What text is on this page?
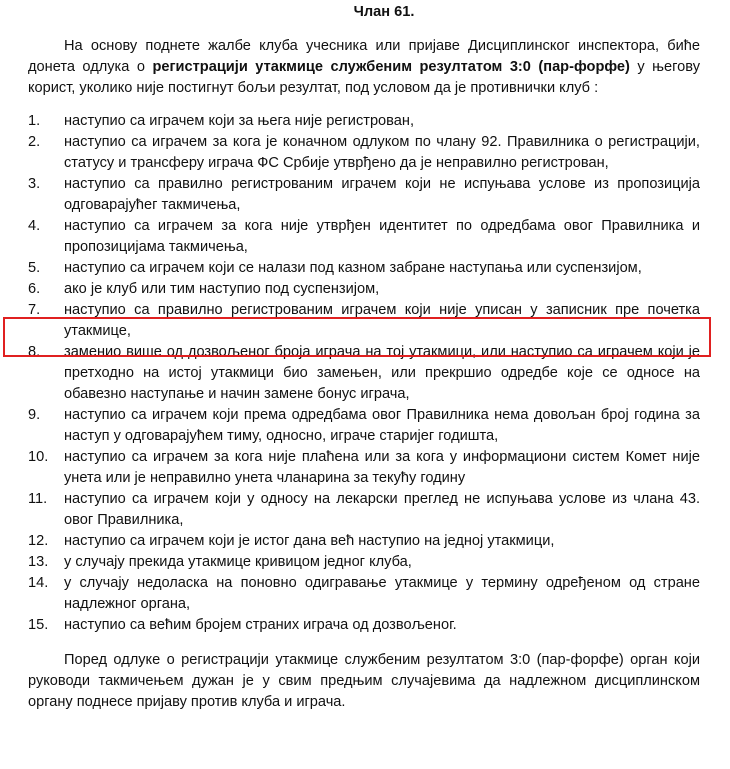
Члан 61.

На основу поднете жалбе клуба учесника или пријаве Дисциплинског инспектора, биће донета одлука о регистрацији утакмице службеним резултатом 3:0 (пар-форфе) у његову корист, уколико није постигнут бољи резултат, под условом да је противнички клуб :

1.	наступио са играчем који за њега није регистрован,
2.	наступио са играчем за кога је коначном одлуком по члану 92. Правилника о регистрацији, статусу и трансферу играча ФС Србије утврђено да је неправилно регистрован,
3.	наступио са правилно регистрованим играчем који не испуњава услове из пропозиција одговарајућег такмичења,
4.	наступио са играчем за кога није утврђен идентитет по одредбама овог Правилника и пропозицијама такмичења,
5.	наступио са играчем који се налази под казном забране наступања или суспензијом,
6.	ако је клуб или тим наступио под суспензијом,
7.	наступио са правилно регистрованим играчем који није уписан у записник пре почетка утакмице,
8.	заменио више од дозвољеног броја играча на тој утакмици, или наступио са играчем који је претходно на истој утакмици био замењен, или прекршио одредбе које се односе на обавезно наступање и начин замене бонус играча,
9.	наступио са играчем који према одредбама овог Правилника нема довољан број година за наступ у одговарајућем тиму, односно, играче старијег годишта,
10.	наступио са играчем за кога није плаћена или за кога у информациони систем Комет није унета или је неправилно унета чланарина за текућу годину
11.	наступио са играчем који у односу на лекарски преглед не испуњава услове из члана 43. овог Правилника,
12.	наступио са играчем који је истог дана већ наступио на једној утакмици,
13.	у случају прекида утакмице кривицом једног клуба,
14.	у случају недоласка на поновно одигравање утакмице у термину одређеном од стране надлежног органа,
15.	наступио са већим бројем страних играча од дозвољеног.

Поред одлуке о регистрацији утакмице службеним резултатом 3:0 (пар-форфе) орган који руководи такмичењем дужан је у свим предњим случајевима да надлежном дисциплинском органу поднесе пријаву против клуба и играча.
